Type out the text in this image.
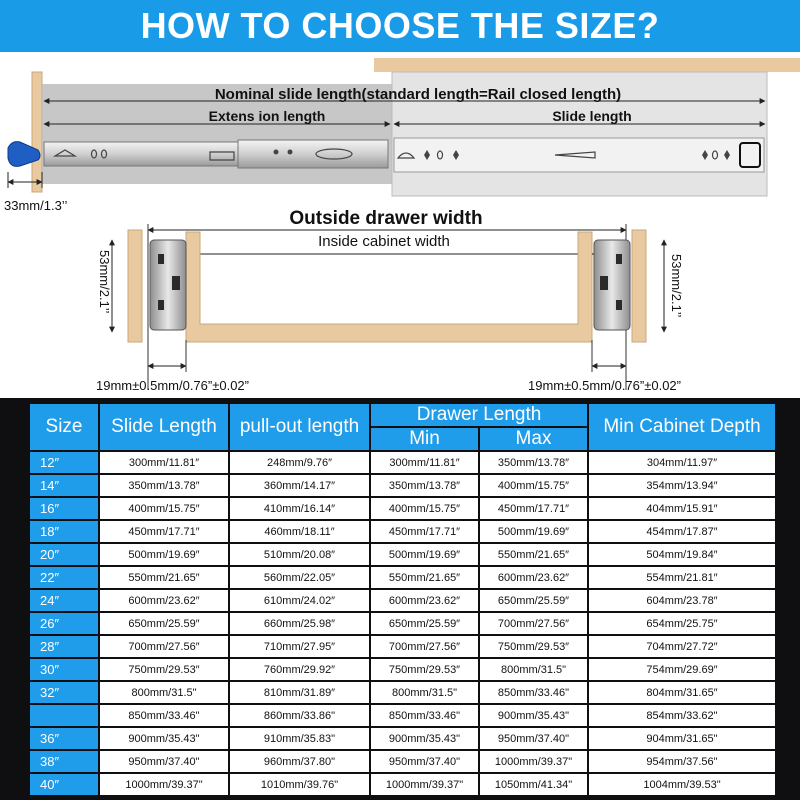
HOW TO CHOOSE THE SIZE?
Nominal slide length(standard length=Rail closed length)
Extens ion length	Slide length
33mm/1.3’’
Outside drawer width
Inside cabinet width
53mm/2.1’’	53mm/2.1’’
19mm±0.5mm/0.76”±0.02”	19mm±0.5mm/0.76”±0.02”
Size	Slide Length	pull-out length	Drawer Length		Min Cabinet Depth
			Min	Max	
12″	300mm/11.81″	248mm/9.76″	300mm/11.81″	350mm/13.78″	304mm/11.97″
14″	350mm/13.78″	360mm/14.17″	350mm/13.78″	400mm/15.75″	354mm/13.94″
16″	400mm/15.75″	410mm/16.14″	400mm/15.75″	450mm/17.71″	404mm/15.91″
18″	450mm/17.71″	460mm/18.11″	450mm/17.71″	500mm/19.69″	454mm/17.87″
20″	500mm/19.69″	510mm/20.08″	500mm/19.69″	550mm/21.65″	504mm/19.84″
22″	550mm/21.65″	560mm/22.05″	550mm/21.65″	600mm/23.62″	554mm/21.81″
24″	600mm/23.62″	610mm/24.02″	600mm/23.62″	650mm/25.59″	604mm/23.78″
26″	650mm/25.59″	660mm/25.98″	650mm/25.59″	700mm/27.56″	654mm/25.75″
28″	700mm/27.56″	710mm/27.95″	700mm/27.56″	750mm/29.53″	704mm/27.72″
30″	750mm/29.53″	760mm/29.92″	750mm/29.53″	800mm/31.5"	754mm/29.69″
32″	800mm/31.5"	810mm/31.89″	800mm/31.5"	850mm/33.46"	804mm/31.65″
	850mm/33.46"	860mm/33.86"	850mm/33.46"	900mm/35.43"	854mm/33.62"
36″	900mm/35.43"	910mm/35.83"	900mm/35.43"	950mm/37.40"	904mm/31.65"
38″	950mm/37.40"	960mm/37.80"	950mm/37.40"	1000mm/39.37"	954mm/37.56"
40″	1000mm/39.37"	1010mm/39.76"	1000mm/39.37"	1050mm/41.34"	1004mm/39.53"
